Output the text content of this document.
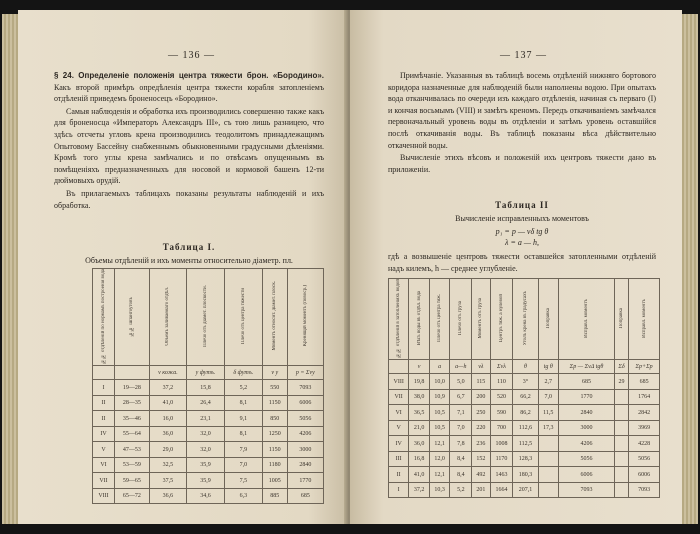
— 136 —

§ 24. Определеніе положенія центра тяжести брон. «Бородино». Какъ второй примѣръ опредѣленія центра тяжести корабля затопленіемъ отдѣленій приведемъ броненосецъ «Бородино».

Самыя наблюденія и обработка ихъ производились совершенно также какъ для броненосца «Императоръ Александръ III», съ тою лишь разницею, что здѣсь отсчеты угловъ крена производились теодолитомъ принадлежащимъ Опытовому Бассейну снабженнымъ обыкновенными градусными дѣленіями. Кромѣ того углы крена замѣчались и по отвѣсамъ опущеннымъ въ помѣщеніяхъ предназначенныхъ для носовой и кормовой башенъ 12-ти дюймовыхъ орудій.

Въ прилагаемыхъ таблицахъ показаны результаты наблюденій и ихъ обработка.

Таблица I.
Объемы отдѣленій и ихъ моменты относительно діаметр. пл.
№№ отдѣленій по нормамъ построенія вода	№№ шпангоутовъ	Объемъ заливаемаго отдѣл.	Плечо отъ діамет. плоскости.	Плечо отъ центра тяжести	Моментъ относит. діамет. плоск.	Кренящій моментъ (повоср.)
		v кожа.	y футъ.	δ футъ.	v y	p = Σvy
I	19—28	37,2	15,8	5,2	550	7093
II	28—35	41,0	26,4	8,1	1150	6006
II	35—46	16,0	23,1	9,1	850	5056
IV	55—64	36,0	32,0	8,1	1250	4206
V	47—53	29,0	32,0	7,9	1150	3000
VI	53—59	32,5	35,9	7,0	1180	2840
VII	59—65	37,5	35,9	7,5	1005	1770
VIII	65—72	36,6	34,6	6,3	885	685
— 137 —

Примѣчаніе. Указанныя въ таблицѣ восемь отдѣленій нижняго бортового коридора назначенные для наблюденій были наполнены водою. При опытахъ вода отканчивалась по очереди изъ каждаго отдѣленія, начиная съ перваго (I) и кончая восьмымъ (VIII) и замѣтъ креномъ. Передъ откачиваніемъ замѣчался первоначальный уровень воды въ отдѣленіи и затѣмъ уровень оставшійся послѣ откачиванія воды. Въ таблицѣ показаны вѣса дѣйствительно откаченной воды.

Вычисленіе этихъ вѣсовъ и положеній ихъ центровъ тяжести дано въ приложеніи.

Таблица II
Вычисленіе исправленныхъ моментовъ
p₁ = p — vδ tg θ
λ = a — h,
гдѣ a возвышеніе центровъ тяжести оставшейся затопленными отдѣленій надъ килемъ, h — среднее углубленіе.
№№ отдѣленій в затопленіяхъ водой	Вѣсъ воды въ отдѣл. вода	Плечо отъ центра тяж.	Плечо отъ груза	Моментъ отъ груза	Центръ тяж. а нулевой	Уголъ крена въ градусахъ	Поправка	Исправл. моментъ	Поправка	Исправл. моментъ
	v	a	a—h	vλ	Σvλ	θ	tg θ	Σp — ΣvΔ tgθ	Σδ	Σp+Σp
VIII	19,8	10,0	5,0	115	110	3°	2,7	685	29	685
VII	38,0	10,9	6,7	200	520	66,2	7,0	1770		1764
VI	36,5	10,5	7,1	250	590	86,2	11,5	2840		2842
V	21,0	10,5	7,0	220	700	112,6	17,3	3000		3969
IV	36,0	12,1	7,8	236	1008	112,5		4206		4228
III	16,8	12,0	8,4	152	1170	128,3		5056		5056
II	41,0	12,1	8,4	492	1463	180,3		6006		6006
I	37,2	10,3	5,2	201	1664	207,1		7093		7093
